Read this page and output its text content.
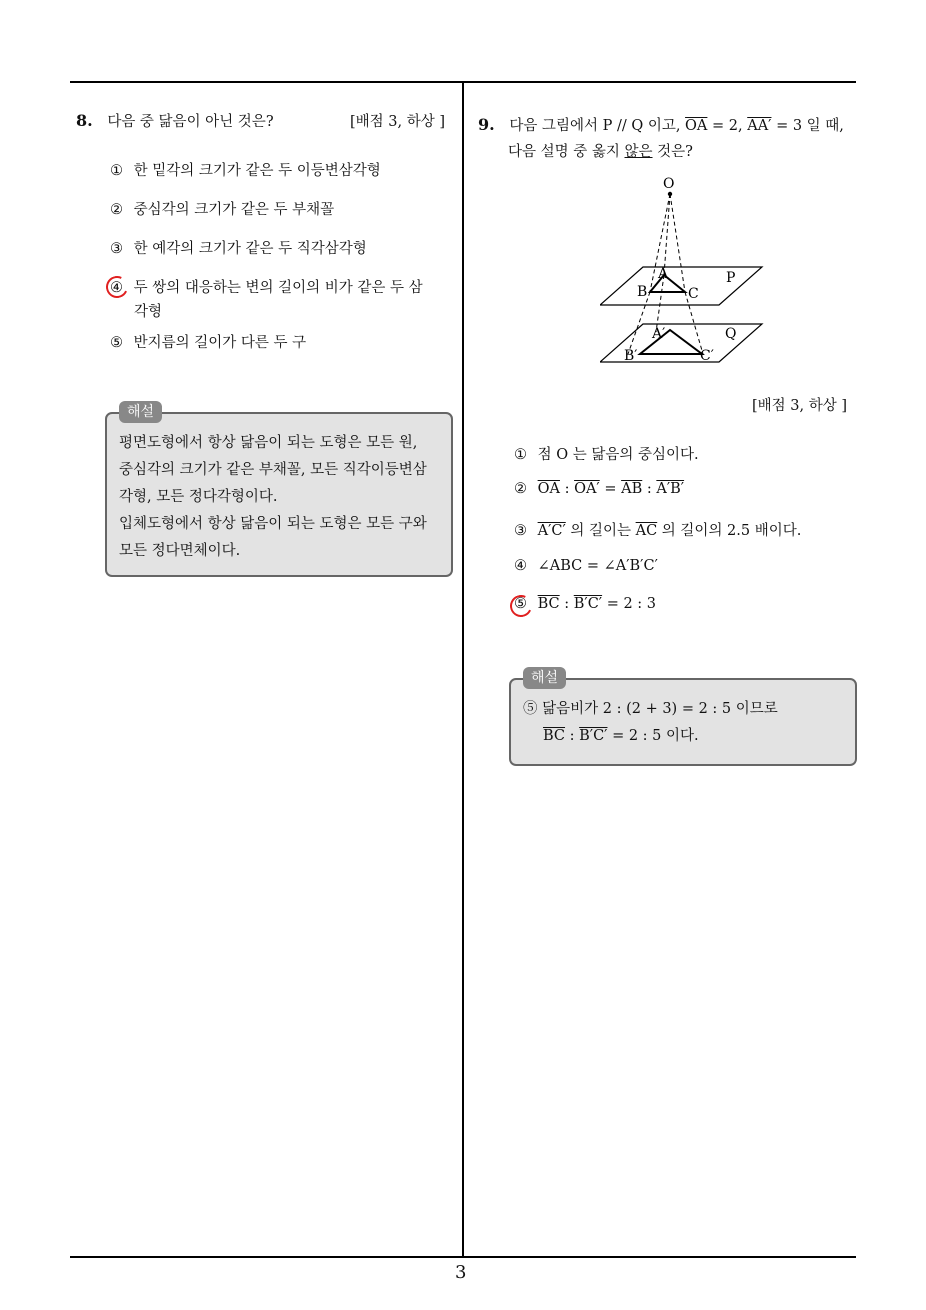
8. 다음 중 닮음이 아닌 것은?	[배점 3, 하상 ]
① 한 밑각의 크기가 같은 두 이등변삼각형
② 중심각의 크기가 같은 두 부채꼴
③ 한 예각의 크기가 같은 두 직각삼각형
④ 두 쌍의 대응하는 변의 길이의 비가 같은 두 삼
각형
⑤ 반지름의 길이가 다른 두 구
평면도형에서 항상 닮음이 되는 도형은 모든 원,
중심각의 크기가 같은 부채꼴, 모든 직각이등변삼
각형, 모든 정다각형이다.
입체도형에서 항상 닮음이 되는 도형은 모든 구와
모든 정다면체이다.
해설
9. 다음 그림에서 P // Q 이고, $\overline{OA} = 2$, AA′ = 3 일 때,
다음 설명 중 옳지 않은 것은?
O
A
B	C
P
A′
B′	C′
Q
[배점 3, 하상 ]
① 점 O 는 닮음의 중심이다.
② $\overline{OA}$ : $OA' = \overline{AB}$ : A′B′
③ A′C′ 의 길이는 $\overline{AC}$ 의 길이의 2.5 배이다.
④ ∠ABC = ∠A′B′C′
⑤ $\overline{BC}$ : B′C′ = 2 : 3
⑤ 닮음비가 2 : (2 + 3) = 2 : 5 이므로
$\overline{BC}$ : B′C′ = 2 : 5 이다.
해설
3
